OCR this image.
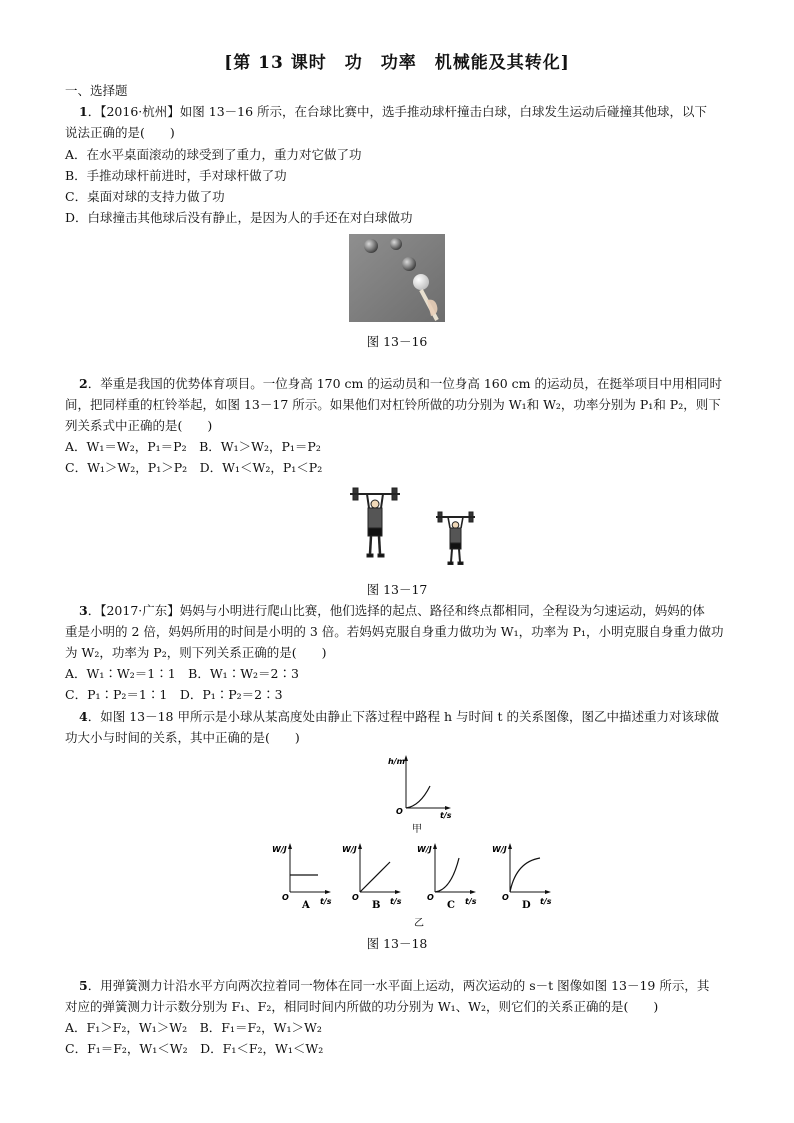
[第 13 课时　功　功率　机械能及其转化]
一、选择题
1．【2016·杭州】如图 13－16 所示，在台球比赛中，选手推动球杆撞击白球，白球发生运动后碰撞其他球，以下
说法正确的是(　　)
A．在水平桌面滚动的球受到了重力，重力对它做了功
B．手推动球杆前进时，手对球杆做了功
C．桌面对球的支持力做了功
D．白球撞击其他球后没有静止，是因为人的手还在对白球做功
图 13－16
2．举重是我国的优势体育项目。一位身高 170 cm 的运动员和一位身高 160 cm 的运动员，在挺举项目中用相同时
间，把同样重的杠铃举起，如图 13－17 所示。如果他们对杠铃所做的功分别为 W₁和 W₂，功率分别为 P₁和 P₂，则下
列关系式中正确的是(　　)
A．W₁＝W₂，P₁＝P₂　B．W₁＞W₂，P₁＝P₂
C．W₁＞W₂，P₁＞P₂　D．W₁＜W₂，P₁＜P₂
图 13－17
3．【2017·广东】妈妈与小明进行爬山比赛，他们选择的起点、路径和终点都相同，全程设为匀速运动，妈妈的体
重是小明的 2 倍，妈妈所用的时间是小明的 3 倍。若妈妈克服自身重力做功为 W₁，功率为 P₁，小明克服自身重力做功
为 W₂，功率为 P₂，则下列关系正确的是(　　)
A．W₁∶W₂＝1∶1　B．W₁∶W₂＝2∶3
C．P₁∶P₂＝1∶1　D．P₁∶P₂＝2∶3
4．如图 13－18 甲所示是小球从某高度处由静止下落过程中路程 h 与时间 t 的关系图像，图乙中描述重力对该球做
功大小与时间的关系，其中正确的是(　　)
h/m
O	t/s
甲
W/J
O	t/s
A
W/J
O	t/s
B
W/J
O	t/s
C
W/J
O	t/s
D
乙
图 13－18
5．用弹簧测力计沿水平方向两次拉着同一物体在同一水平面上运动，两次运动的 s－t 图像如图 13－19 所示，其
对应的弹簧测力计示数分别为 F₁、F₂，相同时间内所做的功分别为 W₁、W₂，则它们的关系正确的是(　　)
A．F₁＞F₂，W₁＞W₂　B．F₁＝F₂，W₁＞W₂
C．F₁＝F₂，W₁＜W₂　D．F₁＜F₂，W₁＜W₂
